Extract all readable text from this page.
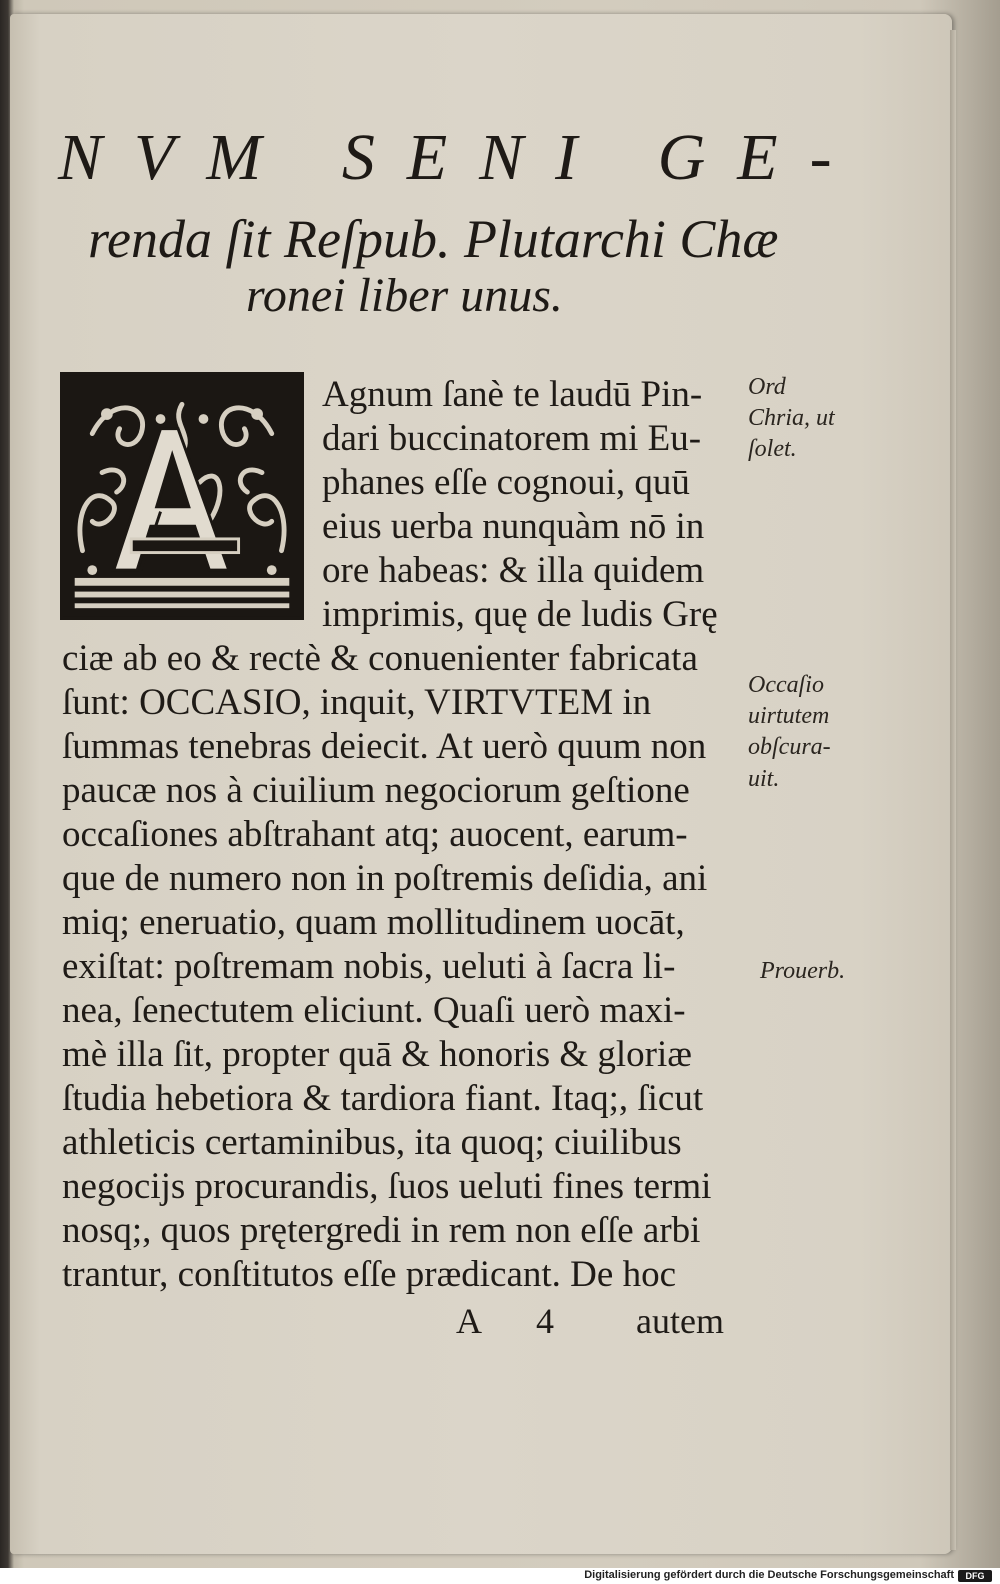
NVM SENI GE-
renda ſit Reſpub. Plutarchi Chæ
ronei liber unus.
Agnum ſanè te laudū Pin-
dari buccinatorem mi Eu-
phanes eſſe cognoui, quū
eius uerba nunquàm nō in
ore habeas: & illa quidem
imprimis, quę de ludis Grę
ciæ ab eo & rectè & conuenienter fabricata
ſunt: OCCASIO, inquit, VIRTVTEM in
ſummas tenebras deiecit. At uerò quum non
paucæ nos à ciuilium negociorum geſtione
occaſiones abſtrahant atq; auocent, earum-
que de numero non in poſtremis deſidia, ani
miq; eneruatio, quam mollitudinem uocāt,
exiſtat: poſtremam nobis, ueluti à ſacra li-
nea, ſenectutem eliciunt. Quaſi uerò maxi-
mè illa ſit, propter quā & honoris & gloriæ
ſtudia hebetiora & tardiora fiant. Itaq;, ſicut
athleticis certaminibus, ita quoq; ciuilibus
negocijs procurandis, ſuos ueluti fines termi
nosq;, quos prętergredi in rem non eſſe arbi
trantur, conſtitutos eſſe prædicant. De hoc
A 4 autem
Ord
Chria, ut
ſolet.
Occaſio
uirtutem
obſcura-
uit.
Prouerb.
Digitalisierung gefördert durch die Deutsche Forschungsgemeinschaft	DFG
